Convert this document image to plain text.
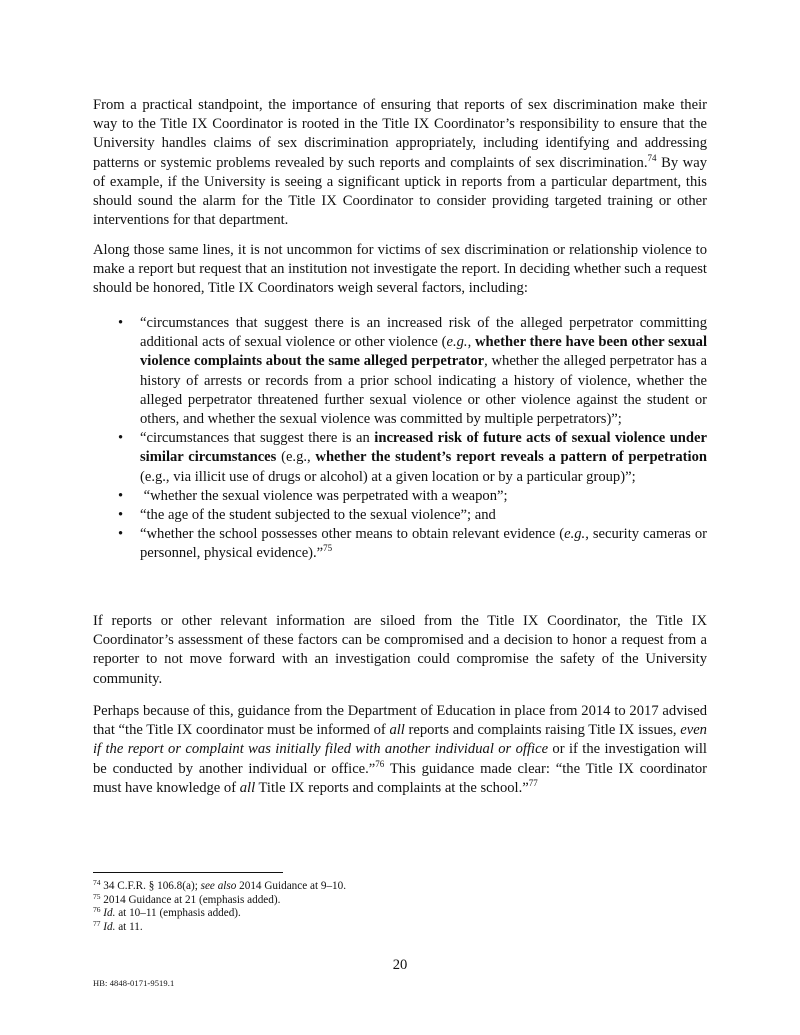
From a practical standpoint, the importance of ensuring that reports of sex discrimination make their way to the Title IX Coordinator is rooted in the Title IX Coordinator’s responsibility to ensure that the University handles claims of sex discrimination appropriately, including identifying and addressing patterns or systemic problems revealed by such reports and complaints of sex discrimination.$^{74}$ By way of example, if the University is seeing a significant uptick in reports from a particular department, this should sound the alarm for the Title IX Coordinator to consider providing targeted training or other interventions for that department.

Along those same lines, it is not uncommon for victims of sex discrimination or relationship violence to make a report but request that an institution not investigate the report. In deciding whether such a request should be honored, Title IX Coordinators weigh several factors, including:

• “circumstances that suggest there is an increased risk of the alleged perpetrator committing additional acts of sexual violence or other violence (e.g., whether there have been other sexual violence complaints about the same alleged perpetrator, whether the alleged perpetrator has a history of arrests or records from a prior school indicating a history of violence, whether the alleged perpetrator threatened further sexual violence or other violence against the student or others, and whether the sexual violence was committed by multiple perpetrators)”;
• “circumstances that suggest there is an increased risk of future acts of sexual violence under similar circumstances (e.g., whether the student’s report reveals a pattern of perpetration (e.g., via illicit use of drugs or alcohol) at a given location or by a particular group)”;
• “whether the sexual violence was perpetrated with a weapon”;
• “the age of the student subjected to the sexual violence”; and
• “whether the school possesses other means to obtain relevant evidence (e.g., security cameras or personnel, physical evidence).”$^{75}$

If reports or other relevant information are siloed from the Title IX Coordinator, the Title IX Coordinator’s assessment of these factors can be compromised and a decision to honor a request from a reporter to not move forward with an investigation could compromise the safety of the University community.

Perhaps because of this, guidance from the Department of Education in place from 2014 to 2017 advised that “the Title IX coordinator must be informed of all reports and complaints raising Title IX issues, even if the report or complaint was initially filed with another individual or office or if the investigation will be conducted by another individual or office.”$^{76}$ This guidance made clear: “the Title IX coordinator must have knowledge of all Title IX reports and complaints at the school.”$^{77}$

$^{74}$ 34 C.F.R. § 106.8(a); see also 2014 Guidance at 9–10.
$^{75}$ 2014 Guidance at 21 (emphasis added).
$^{76}$ Id. at 10–11 (emphasis added).
$^{77}$ Id. at 11.
20
HB: 4848-0171-9519.1
